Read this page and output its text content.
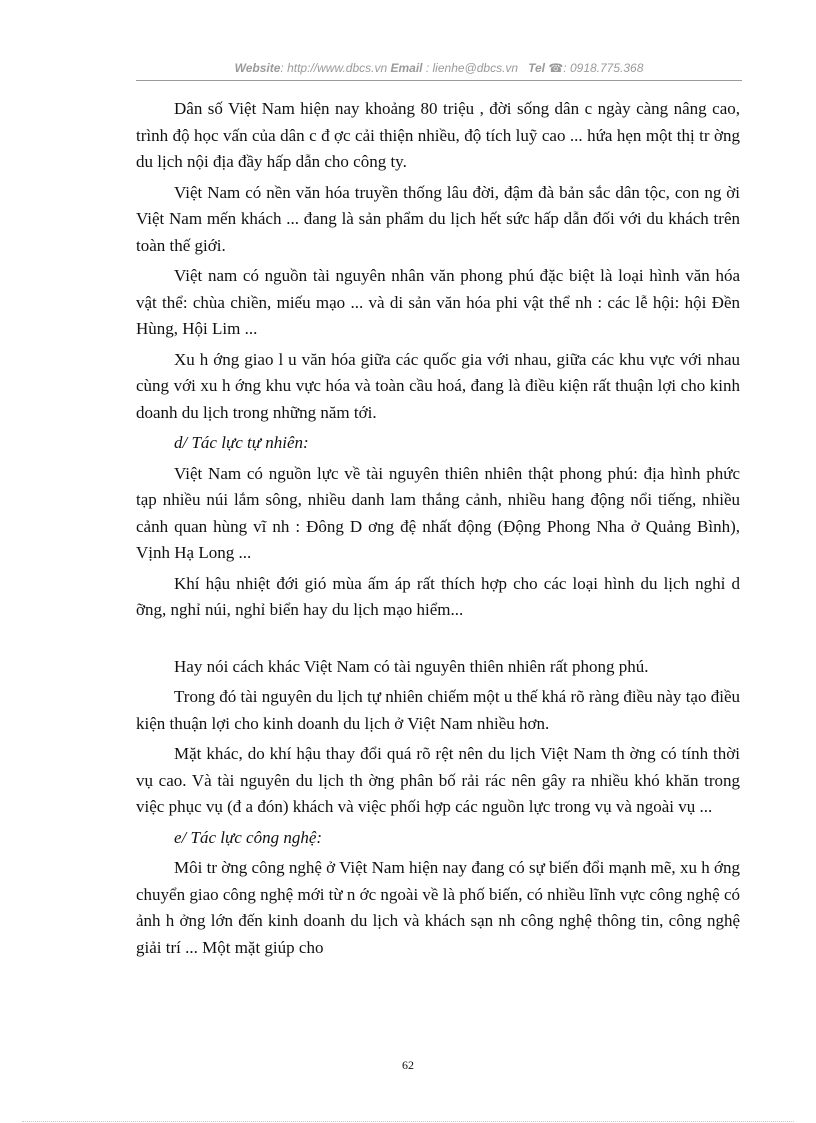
Website: http://www.dbcs.vn Email : lienhe@dbcs.vn Tel ☎: 0918.775.368

Dân số Việt Nam hiện nay khoảng 80 triệu , đời sống dân c ngày càng nâng cao, trình độ học vấn của dân c đ ợc cải thiện nhiều, độ tích luỹ cao ... hứa hẹn một thị tr ờng du lịch nội địa đầy hấp dẫn cho công ty.

Việt Nam có nền văn hóa truyền thống lâu đời, đậm đà bản sắc dân tộc, con ng ời Việt Nam mến khách ... đang là sản phẩm du lịch hết sức hấp dẫn đối với du khách trên toàn thế giới.

Việt nam có nguồn tài nguyên nhân văn phong phú đặc biệt là loại hình văn hóa vật thể: chùa chiền, miếu mạo ... và di sản văn hóa phi vật thể nh : các lễ hội: hội Đền Hùng, Hội Lim ...

Xu h ớng giao l u văn hóa giữa các quốc gia với nhau, giữa các khu vực với nhau cùng với xu h ớng khu vực hóa và toàn cầu hoá, đang là điều kiện rất thuận lợi cho kinh doanh du lịch trong những năm tới.

d/ Tác lực tự nhiên:

Việt Nam có nguồn lực về tài nguyên thiên nhiên thật phong phú: địa hình phức tạp nhiều núi lắm sông, nhiều danh lam thắng cảnh, nhiều hang động nổi tiếng, nhiều cảnh quan hùng vĩ nh : Đông D ơng đệ nhất động (Động Phong Nha ở Quảng Bình), Vịnh Hạ Long ...

Khí hậu nhiệt đới gió mùa ấm áp rất thích hợp cho các loại hình du lịch nghỉ d ỡng, nghỉ núi, nghỉ biển hay du lịch mạo hiểm...

Hay nói cách khác Việt Nam có tài nguyên thiên nhiên rất phong phú.

Trong đó tài nguyên du lịch tự nhiên chiếm một u thế khá rõ ràng điều này tạo điều kiện thuận lợi cho kinh doanh du lịch ở Việt Nam nhiều hơn.

Mặt khác, do khí hậu thay đổi quá rõ rệt nên du lịch Việt Nam th ờng có tính thời vụ cao. Và tài nguyên du lịch th ờng phân bố rải rác nên gây ra nhiều khó khăn trong việc phục vụ (đ a đón) khách và việc phối hợp các nguồn lực trong vụ và ngoài vụ ...

e/ Tác lực công nghệ:

Môi tr ờng công nghệ ở Việt Nam hiện nay đang có sự biến đổi mạnh mẽ, xu h ớng chuyển giao công nghệ mới từ n ớc ngoài về là phố biến, có nhiều lĩnh vực công nghệ có ảnh h ởng lớn đến kinh doanh du lịch và khách sạn nh công nghệ thông tin, công nghệ giải trí ... Một mặt giúp cho

62
